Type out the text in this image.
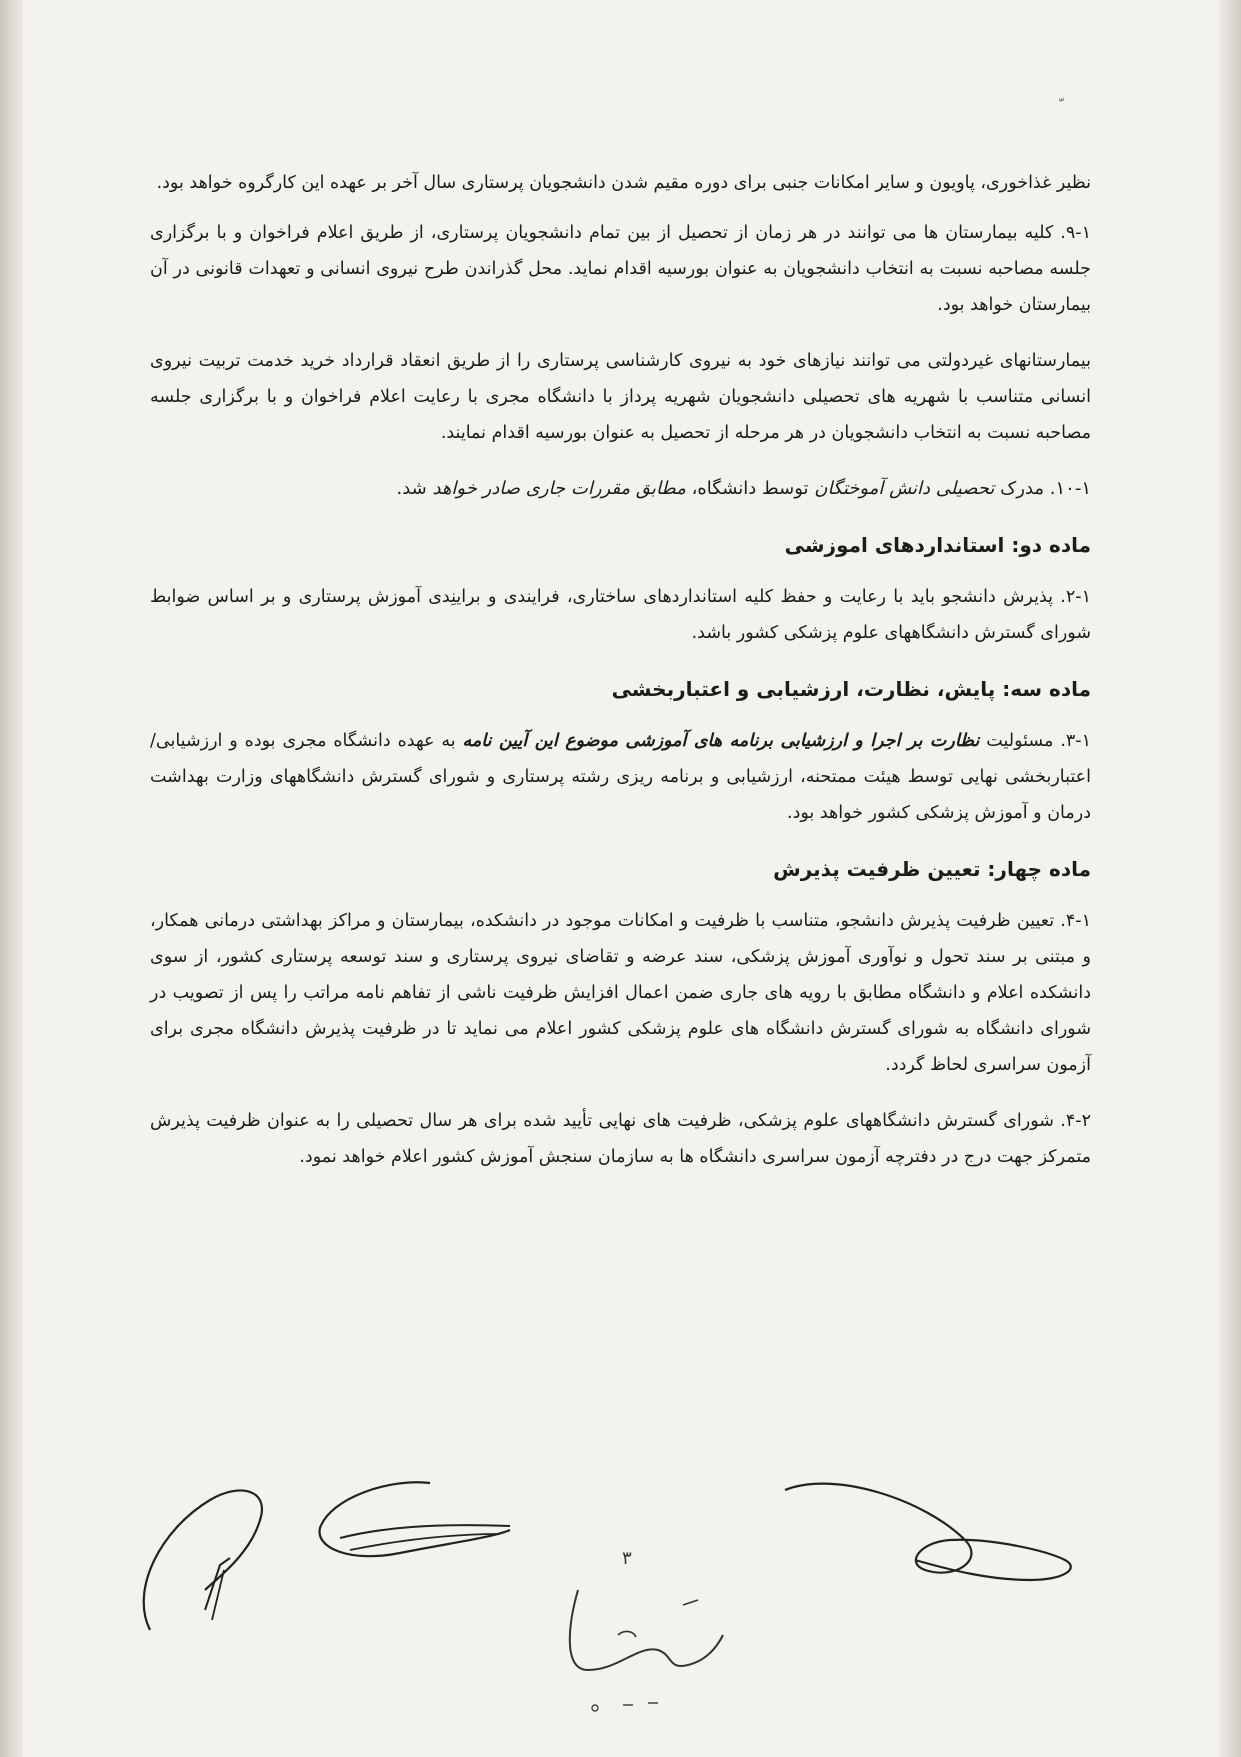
نظیر غذاخوری، پاویون و سایر امکانات جنبی برای دوره مقیم شدن دانشجویان پرستاری سال آخر بر عهده این کارگروه خواهد بود.

۹-۱. کلیه بیمارستان ها می توانند در هر زمان از تحصیل از بین تمام دانشجویان پرستاری، از طریق اعلام فراخوان و با برگزاری جلسه مصاحبه نسبت به انتخاب دانشجویان به عنوان بورسیه اقدام نماید. محل گذراندن طرح نیروی انسانی و تعهدات قانونی در آن بیمارستان خواهد بود.

بیمارستانهای غیردولتی می توانند نیازهای خود به نیروی کارشناسی پرستاری را از طریق انعقاد قرارداد خرید خدمت تربیت نیروی انسانی متناسب با شهریه های تحصیلی دانشجویان شهریه پرداز با دانشگاه مجری با رعایت اعلام فراخوان و با برگزاری جلسه مصاحبه نسبت به انتخاب دانشجویان در هر مرحله از تحصیل به عنوان بورسیه اقدام نمایند.

۱۰-۱. مدرک تحصیلی دانش آموختگان توسط دانشگاه، مطابق مقررات جاری صادر خواهد شد.

ماده دو: استانداردهای اموزشی

۲-۱. پذیرش دانشجو باید با رعایت و حفظ کلیه استانداردهای ساختاری، فرایندی و براینِدی آموزش پرستاری و بر اساس ضوابط شورای گسترش دانشگاههای علوم پزشکی کشور باشد.

ماده سه: پایش، نظارت، ارزشیابی و اعتباربخشی

۳-۱. مسئولیت نظارت بر اجرا و ارزشیابی برنامه های آموزشی موضوع این آیین نامه به عهده دانشگاه مجری بوده و ارزشیابی/ اعتباربخشی نهایی توسط هیئت ممتحنه، ارزشیابی و برنامه ریزی رشته پرستاری و شورای گسترش دانشگاههای وزارت بهداشت درمان و آموزش پزشکی کشور خواهد بود.

ماده چهار: تعیین ظرفیت پذیرش

۴-۱. تعیین ظرفیت پذیرش دانشجو، متناسب با ظرفیت و امکانات موجود در دانشکده، بیمارستان و مراکز بهداشتی درمانی همکار، و مبتنی بر سند تحول و نوآوری آموزش پزشکی، سند عرضه و تقاضای نیروی پرستاری و سند توسعه پرستاری کشور، از سوی دانشکده اعلام و دانشگاه مطابق با رویه های جاری ضمن اعمال افزایش ظرفیت ناشی از تفاهم نامه مراتب را پس از تصویب در شورای دانشگاه به شورای گسترش دانشگاه های علوم پزشکی کشور اعلام می نماید تا در ظرفیت پذیرش دانشگاه مجری برای آزمون سراسری لحاظ گردد.

۴-۲. شورای گسترش دانشگاههای علوم پزشکی، ظرفیت های نهایی تأیید شده برای هر سال تحصیلی را به عنوان ظرفیت پذیرش متمرکز جهت درج در دفترچه آزمون سراسری دانشگاه ها به سازمان سنجش آموزش کشور اعلام خواهد نمود.

۳
